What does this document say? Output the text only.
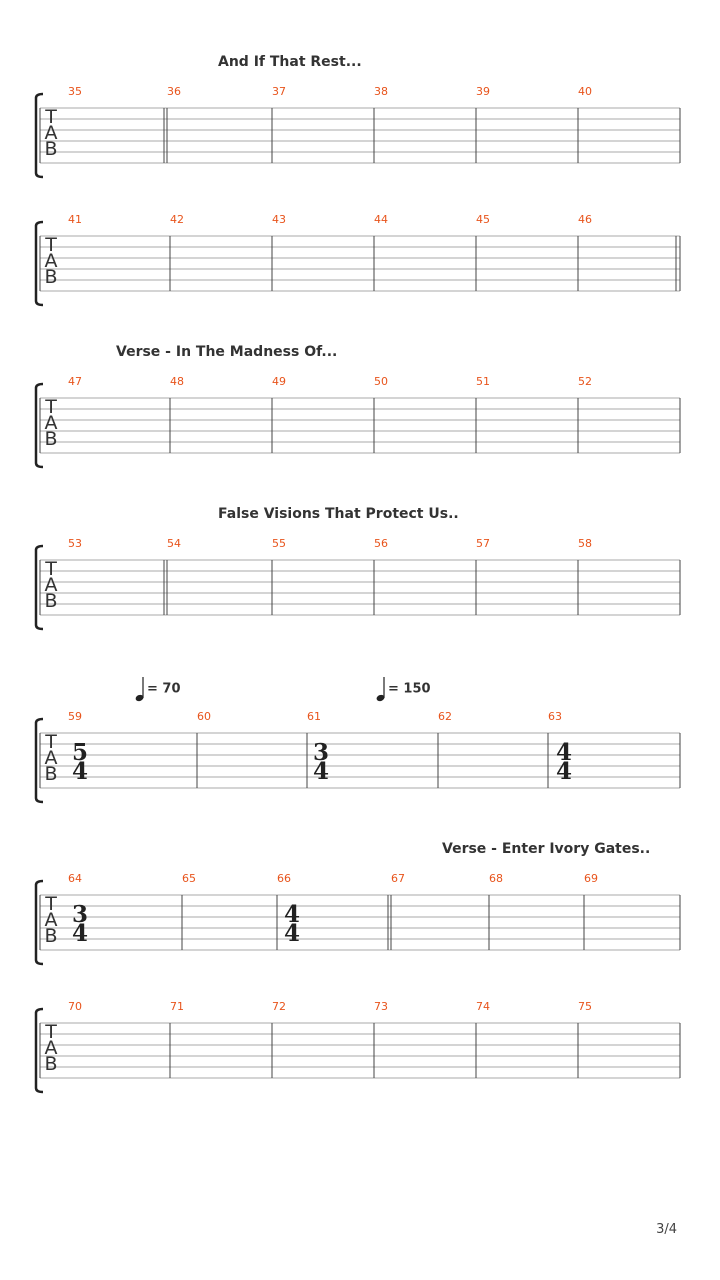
And If That Rest...
Verse - In The Madness Of...
False Visions That Protect Us..
Verse - Enter Ivory Gates..
= 70	= 150
T
A
B
35	36	37	38	39	40
T
A
B
41	42	43	44	45	46
T
A
B
47	48	49	50	51	52
T
A
B
53	54	55	56	57	58
T
A
B
5
4
3
4
4
4
59	60	61	62	63
T
A
B
3
4
4
4
64	65	66	67	68	69
T
A
B
70	71	72	73	74	75
3/4
